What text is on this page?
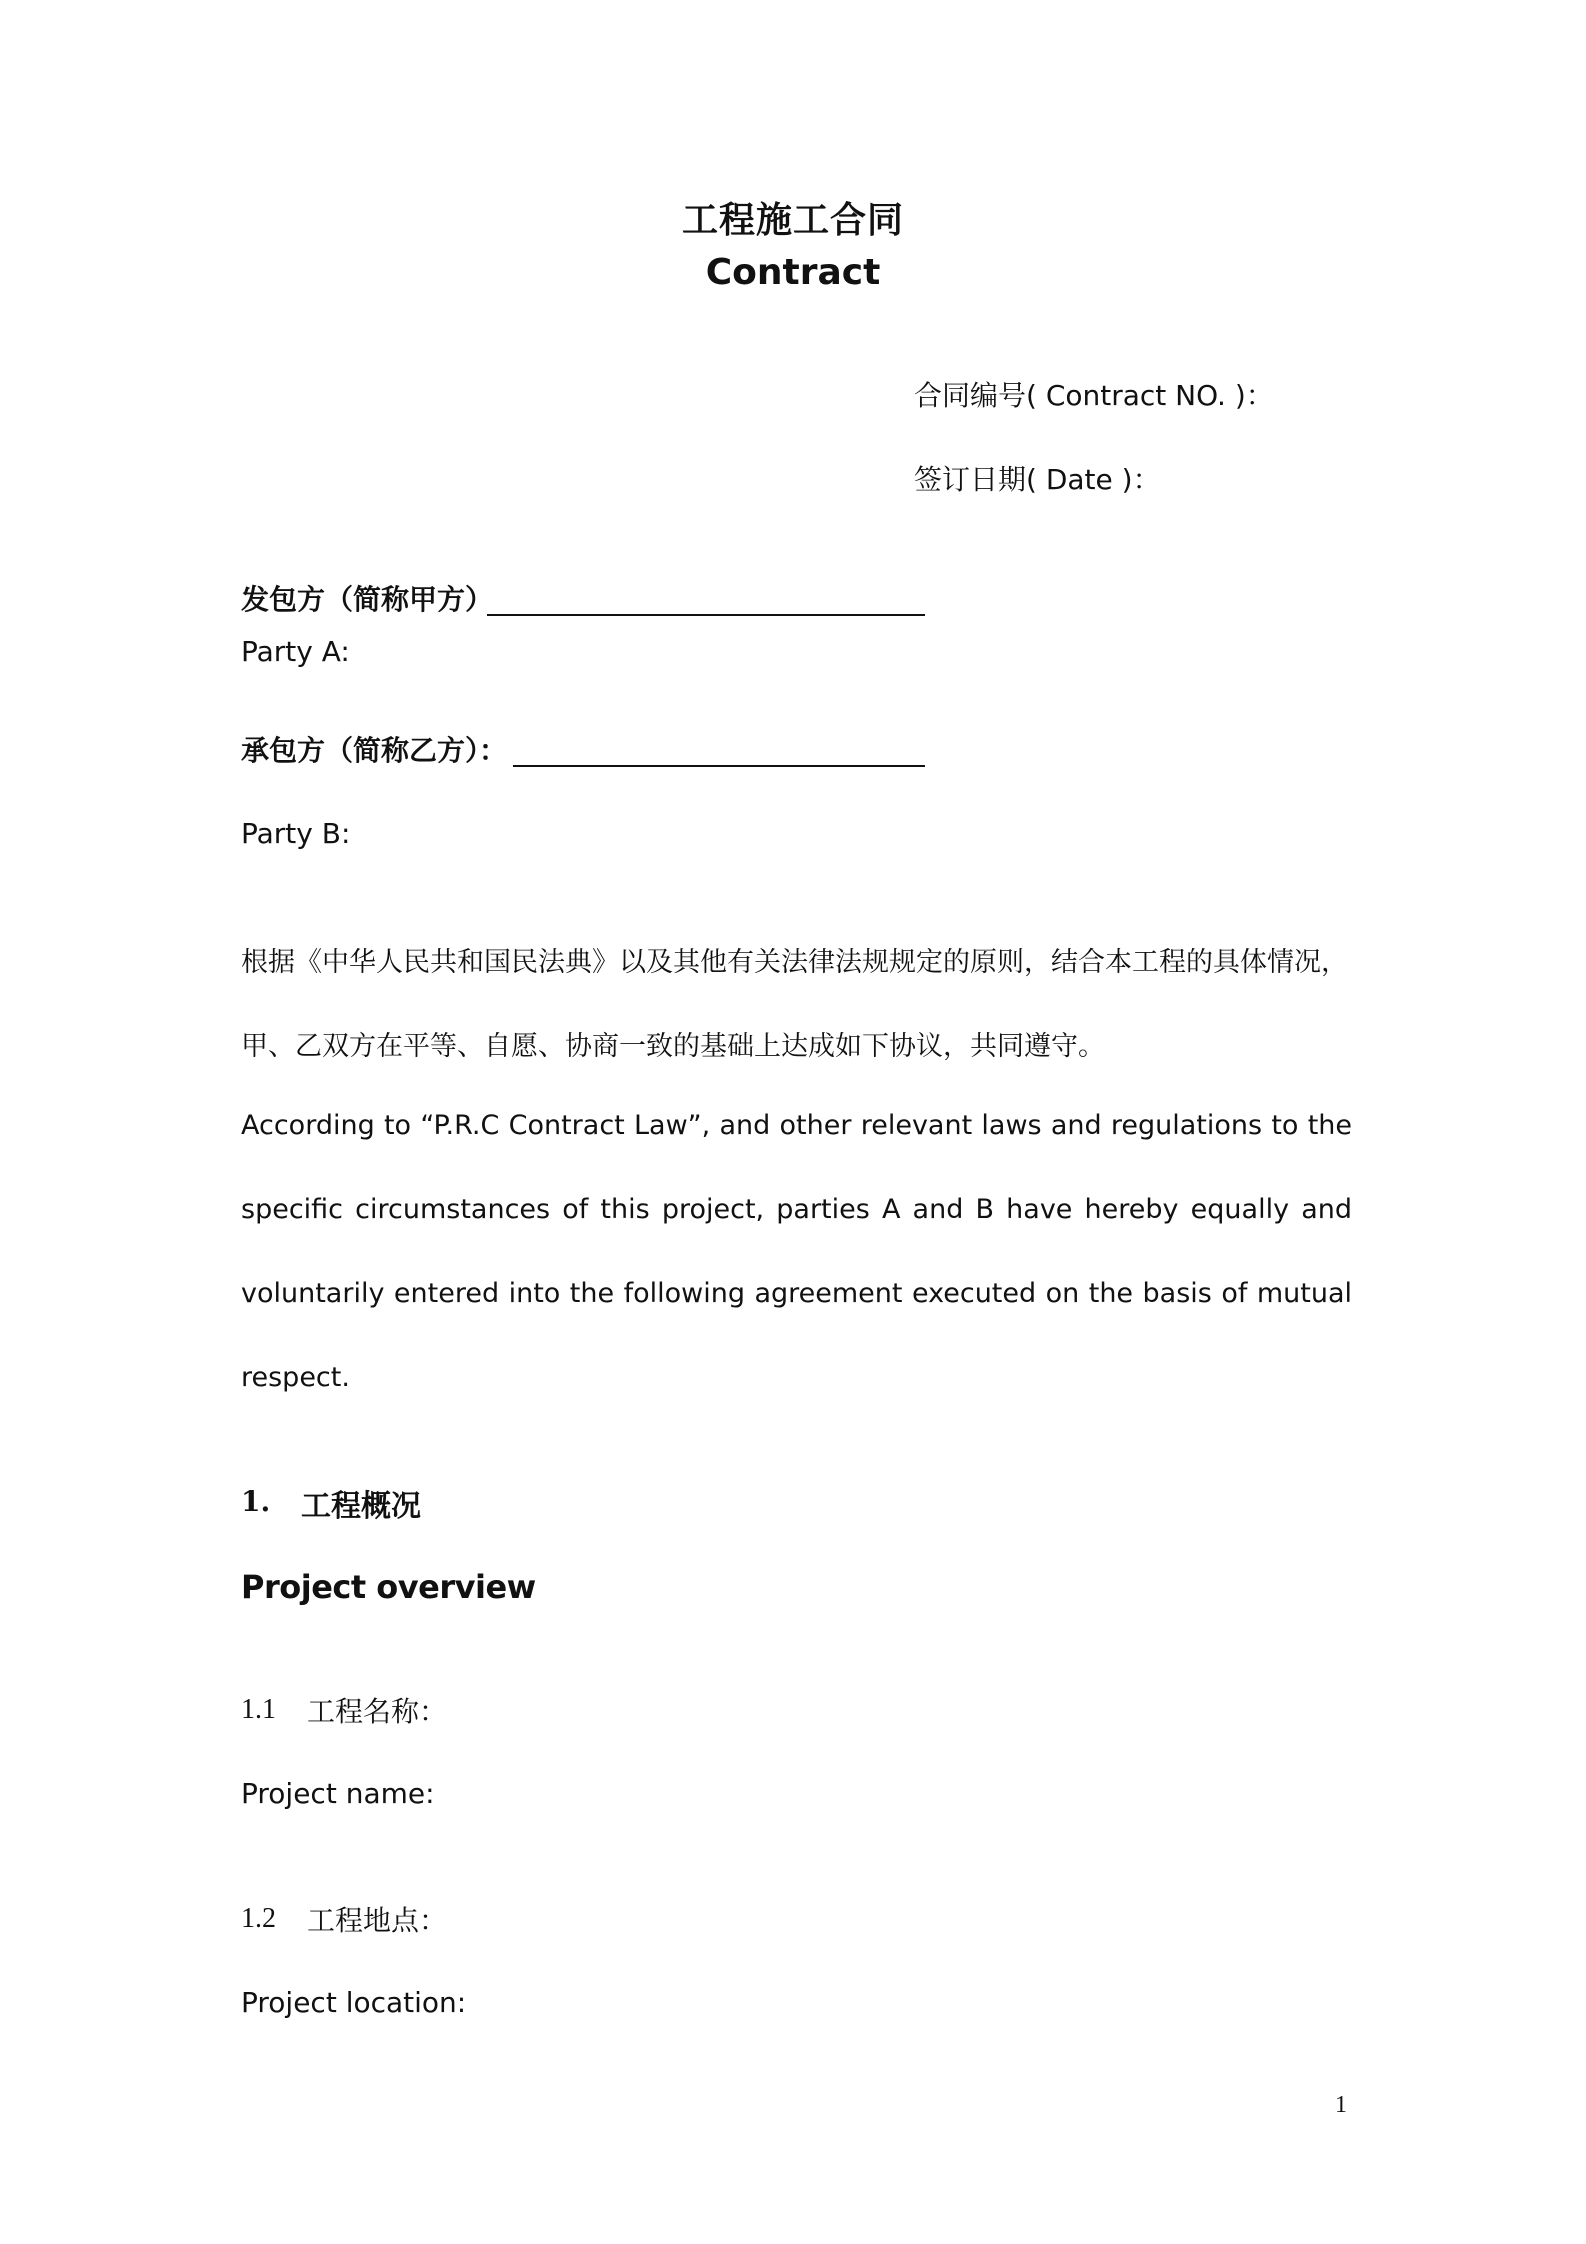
工程施工合同
Contract
合同编号( Contract NO. )：
签订日期( Date )：
发包方（简称甲方）
Party A:
承包方（简称乙方）：
Party B:
根据《中华人民共和国民法典》以及其他有关法律法规规定的原则，结合本工程的具体情况，
甲、乙双方在平等、自愿、协商一致的基础上达成如下协议，共同遵守。
According to “P.R.C Contract Law”, and other relevant laws and regulations to the
specific circumstances of this project, parties A and B have hereby equally and
voluntarily entered into the following agreement executed on the basis of mutual
respect.
1. 工程概况
Project overview
1.1 工程名称：
Project name:
1.2 工程地点：
Project location:
1
